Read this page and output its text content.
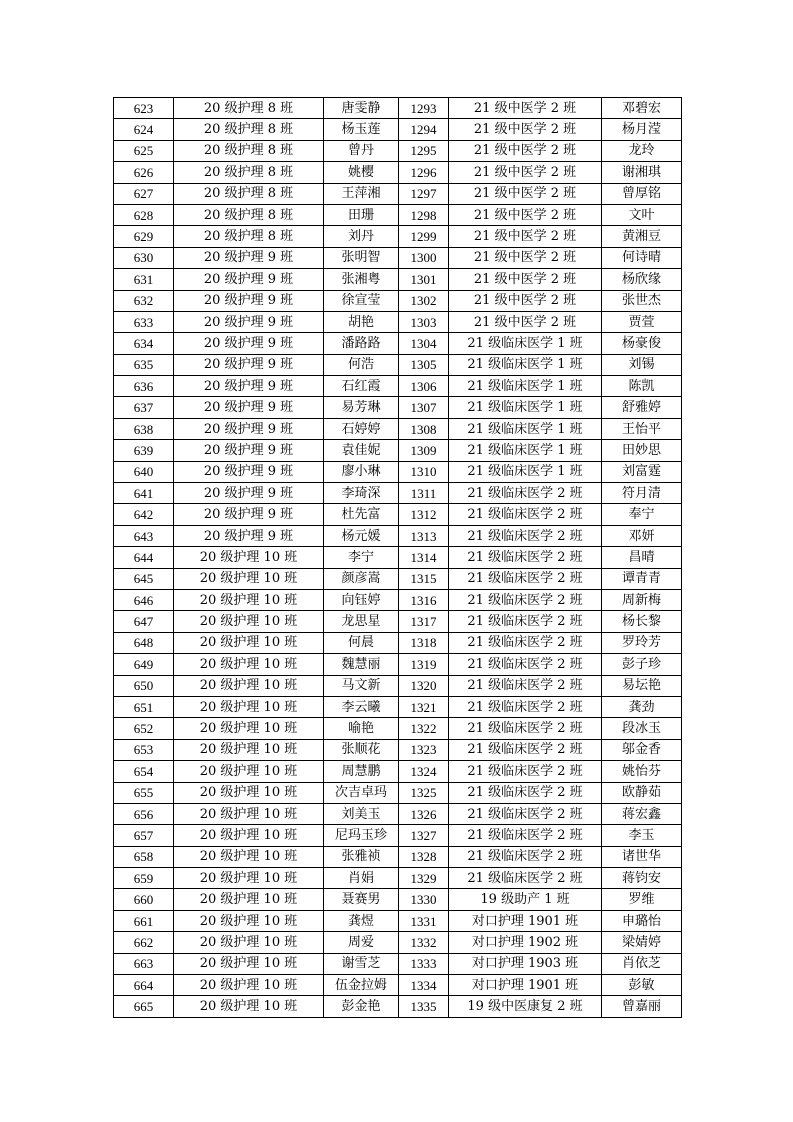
623	20 级护理 8 班	唐雯静	1293	21 级中医学 2 班	邓碧宏
624	20 级护理 8 班	杨玉莲	1294	21 级中医学 2 班	杨月滢
625	20 级护理 8 班	曾丹	1295	21 级中医学 2 班	龙玲
626	20 级护理 8 班	姚樱	1296	21 级中医学 2 班	谢湘琪
627	20 级护理 8 班	王萍湘	1297	21 级中医学 2 班	曾厚铭
628	20 级护理 8 班	田珊	1298	21 级中医学 2 班	文叶
629	20 级护理 8 班	刘丹	1299	21 级中医学 2 班	黄湘豆
630	20 级护理 9 班	张明智	1300	21 级中医学 2 班	何诗晴
631	20 级护理 9 班	张湘粤	1301	21 级中医学 2 班	杨欣缘
632	20 级护理 9 班	徐宣莹	1302	21 级中医学 2 班	张世杰
633	20 级护理 9 班	胡艳	1303	21 级中医学 2 班	贾萱
634	20 级护理 9 班	潘路路	1304	21 级临床医学 1 班	杨豪俊
635	20 级护理 9 班	何浩	1305	21 级临床医学 1 班	刘锡
636	20 级护理 9 班	石红霞	1306	21 级临床医学 1 班	陈凯
637	20 级护理 9 班	易芳琳	1307	21 级临床医学 1 班	舒雅婷
638	20 级护理 9 班	石婷婷	1308	21 级临床医学 1 班	王怡平
639	20 级护理 9 班	袁佳妮	1309	21 级临床医学 1 班	田妙思
640	20 级护理 9 班	廖小琳	1310	21 级临床医学 1 班	刘富霆
641	20 级护理 9 班	李琦深	1311	21 级临床医学 2 班	符月清
642	20 级护理 9 班	杜先富	1312	21 级临床医学 2 班	奉宁
643	20 级护理 9 班	杨元媛	1313	21 级临床医学 2 班	邓妍
644	20 级护理 10 班	李宁	1314	21 级临床医学 2 班	昌晴
645	20 级护理 10 班	颜彦嵩	1315	21 级临床医学 2 班	谭青青
646	20 级护理 10 班	向钰婷	1316	21 级临床医学 2 班	周新梅
647	20 级护理 10 班	龙思星	1317	21 级临床医学 2 班	杨长黎
648	20 级护理 10 班	何晨	1318	21 级临床医学 2 班	罗玲芳
649	20 级护理 10 班	魏慧丽	1319	21 级临床医学 2 班	彭子珍
650	20 级护理 10 班	马文新	1320	21 级临床医学 2 班	易坛艳
651	20 级护理 10 班	李云曦	1321	21 级临床医学 2 班	龚劲
652	20 级护理 10 班	喻艳	1322	21 级临床医学 2 班	段冰玉
653	20 级护理 10 班	张顺花	1323	21 级临床医学 2 班	邬金香
654	20 级护理 10 班	周慧鹏	1324	21 级临床医学 2 班	姚怡芬
655	20 级护理 10 班	次吉卓玛	1325	21 级临床医学 2 班	欧静茹
656	20 级护理 10 班	刘美玉	1326	21 级临床医学 2 班	蒋宏鑫
657	20 级护理 10 班	尼玛玉珍	1327	21 级临床医学 2 班	李玉
658	20 级护理 10 班	张雅祯	1328	21 级临床医学 2 班	诸世华
659	20 级护理 10 班	肖娟	1329	21 级临床医学 2 班	蒋钧安
660	20 级护理 10 班	聂赛男	1330	19 级助产 1 班	罗维
661	20 级护理 10 班	龚煜	1331	对口护理 1901 班	申璐怡
662	20 级护理 10 班	周爱	1332	对口护理 1902 班	梁婧婷
663	20 级护理 10 班	谢雪芝	1333	对口护理 1903 班	肖依芝
664	20 级护理 10 班	伍金拉姆	1334	对口护理 1901 班	彭敏
665	20 级护理 10 班	彭金艳	1335	19 级中医康复 2 班	曾嘉丽
